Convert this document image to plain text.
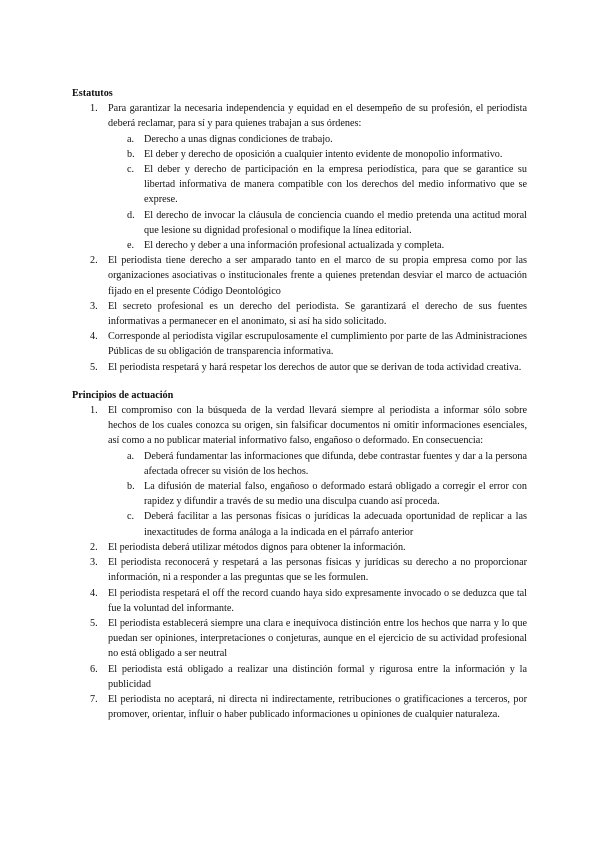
Estatutos

1. Para garantizar la necesaria independencia y equidad en el desempeño de su profesión, el periodista deberá reclamar, para sí y para quienes trabajan a sus órdenes:
a. Derecho a unas dignas condiciones de trabajo.
b. El deber y derecho de oposición a cualquier intento evidente de monopolio informativo.
c. El deber y derecho de participación en la empresa periodística, para que se garantice su libertad informativa de manera compatible con los derechos del medio informativo que se exprese.
d. El derecho de invocar la cláusula de conciencia cuando el medio pretenda una actitud moral que lesione su dignidad profesional o modifique la línea editorial.
e. El derecho y deber a una información profesional actualizada y completa.
2. El periodista tiene derecho a ser amparado tanto en el marco de su propia empresa como por las organizaciones asociativas o institucionales frente a quienes pretendan desviar el marco de actuación fijado en el presente Código Deontológico
3. El secreto profesional es un derecho del periodista. Se garantizará el derecho de sus fuentes informativas a permanecer en el anonimato, si así ha sido solicitado.
4. Corresponde al periodista vigilar escrupulosamente el cumplimiento por parte de las Administraciones Públicas de su obligación de transparencia informativa.
5. El periodista respetará y hará respetar los derechos de autor que se derivan de toda actividad creativa.

Principios de actuación

1. El compromiso con la búsqueda de la verdad llevará siempre al periodista a informar sólo sobre hechos de los cuales conozca su origen, sin falsificar documentos ni omitir informaciones esenciales, así como a no publicar material informativo falso, engañoso o deformado. En consecuencia:
a. Deberá fundamentar las informaciones que difunda, debe contrastar fuentes y dar a la persona afectada ofrecer su visión de los hechos.
b. La difusión de material falso, engañoso o deformado estará obligado a corregir el error con rapidez y difundir a través de su medio una disculpa cuando así proceda.
c. Deberá facilitar a las personas físicas o jurídicas la adecuada oportunidad de replicar a las inexactitudes de forma análoga a la indicada en el párrafo anterior
2. El periodista deberá utilizar métodos dignos para obtener la información.
3. El periodista reconocerá y respetará a las personas físicas y jurídicas su derecho a no proporcionar información, ni a responder a las preguntas que se les formulen.
4. El periodista respetará el off the record cuando haya sido expresamente invocado o se deduzca que tal fue la voluntad del informante.
5. El periodista establecerá siempre una clara e inequívoca distinción entre los hechos que narra y lo que puedan ser opiniones, interpretaciones o conjeturas, aunque en el ejercicio de su actividad profesional no está obligado a ser neutral
6. El periodista está obligado a realizar una distinción formal y rigurosa entre la información y la publicidad
7. El periodista no aceptará, ni directa ni indirectamente, retribuciones o gratificaciones a terceros, por promover, orientar, influir o haber publicado informaciones u opiniones de cualquier naturaleza.
